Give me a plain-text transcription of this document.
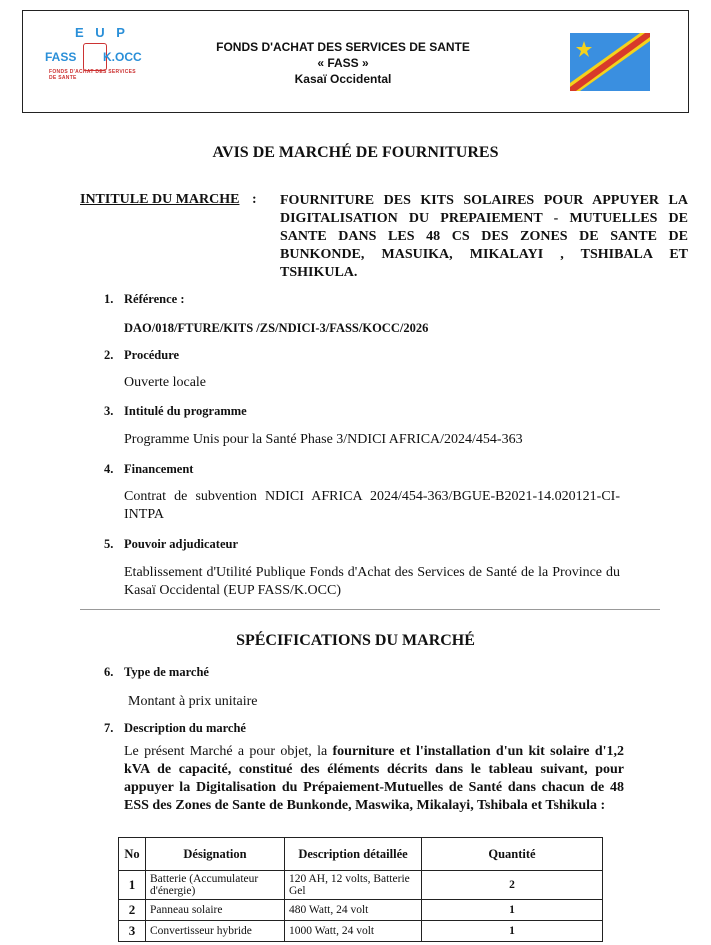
E U P
FASS K.OCC
FONDS D'ACHAT DES SERVICES DE SANTE
FONDS D'ACHAT DES SERVICES DE SANTE
« FASS »
Kasaï Occidental
AVIS DE MARCHÉ DE FOURNITURES
INTITULE DU MARCHE : FOURNITURE DES KITS SOLAIRES POUR APPUYER LA DIGITALISATION DU PREPAIEMENT - MUTUELLES DE SANTE DANS LES 48 CS DES ZONES DE SANTE DE BUNKONDE, MASUIKA, MIKALAYI , TSHIBALA ET TSHIKULA.
1. Référence :
DAO/018/FTURE/KITS /ZS/NDICI-3/FASS/KOCC/2026
2. Procédure
Ouverte locale
3. Intitulé du programme
Programme Unis pour la Santé Phase 3/NDICI AFRICA/2024/454-363
4. Financement
Contrat de subvention NDICI AFRICA 2024/454-363/BGUE-B2021-14.020121-CI-INTPA
5. Pouvoir adjudicateur
Etablissement d'Utilité Publique Fonds d'Achat des Services de Santé de la Province du Kasaï Occidental (EUP FASS/K.OCC)
SPÉCIFICATIONS DU MARCHÉ
6. Type de marché
Montant à prix unitaire
7. Description du marché
Le présent Marché a pour objet, la fourniture et l'installation d'un kit solaire d'1,2 kVA de capacité, constitué des éléments décrits dans le tableau suivant, pour appuyer la Digitalisation du Prépaiement-Mutuelles de Santé dans chacun de 48 ESS des Zones de Sante de Bunkonde, Maswika, Mikalayi, Tshibala et Tshikula :
No	Désignation	Description détaillée	Quantité
1	Batterie (Accumulateur d'énergie)	120 AH, 12 volts, Batterie Gel	2
2	Panneau solaire	480 Watt, 24 volt	1
3	Convertisseur hybride	1000 Watt, 24 volt	1
